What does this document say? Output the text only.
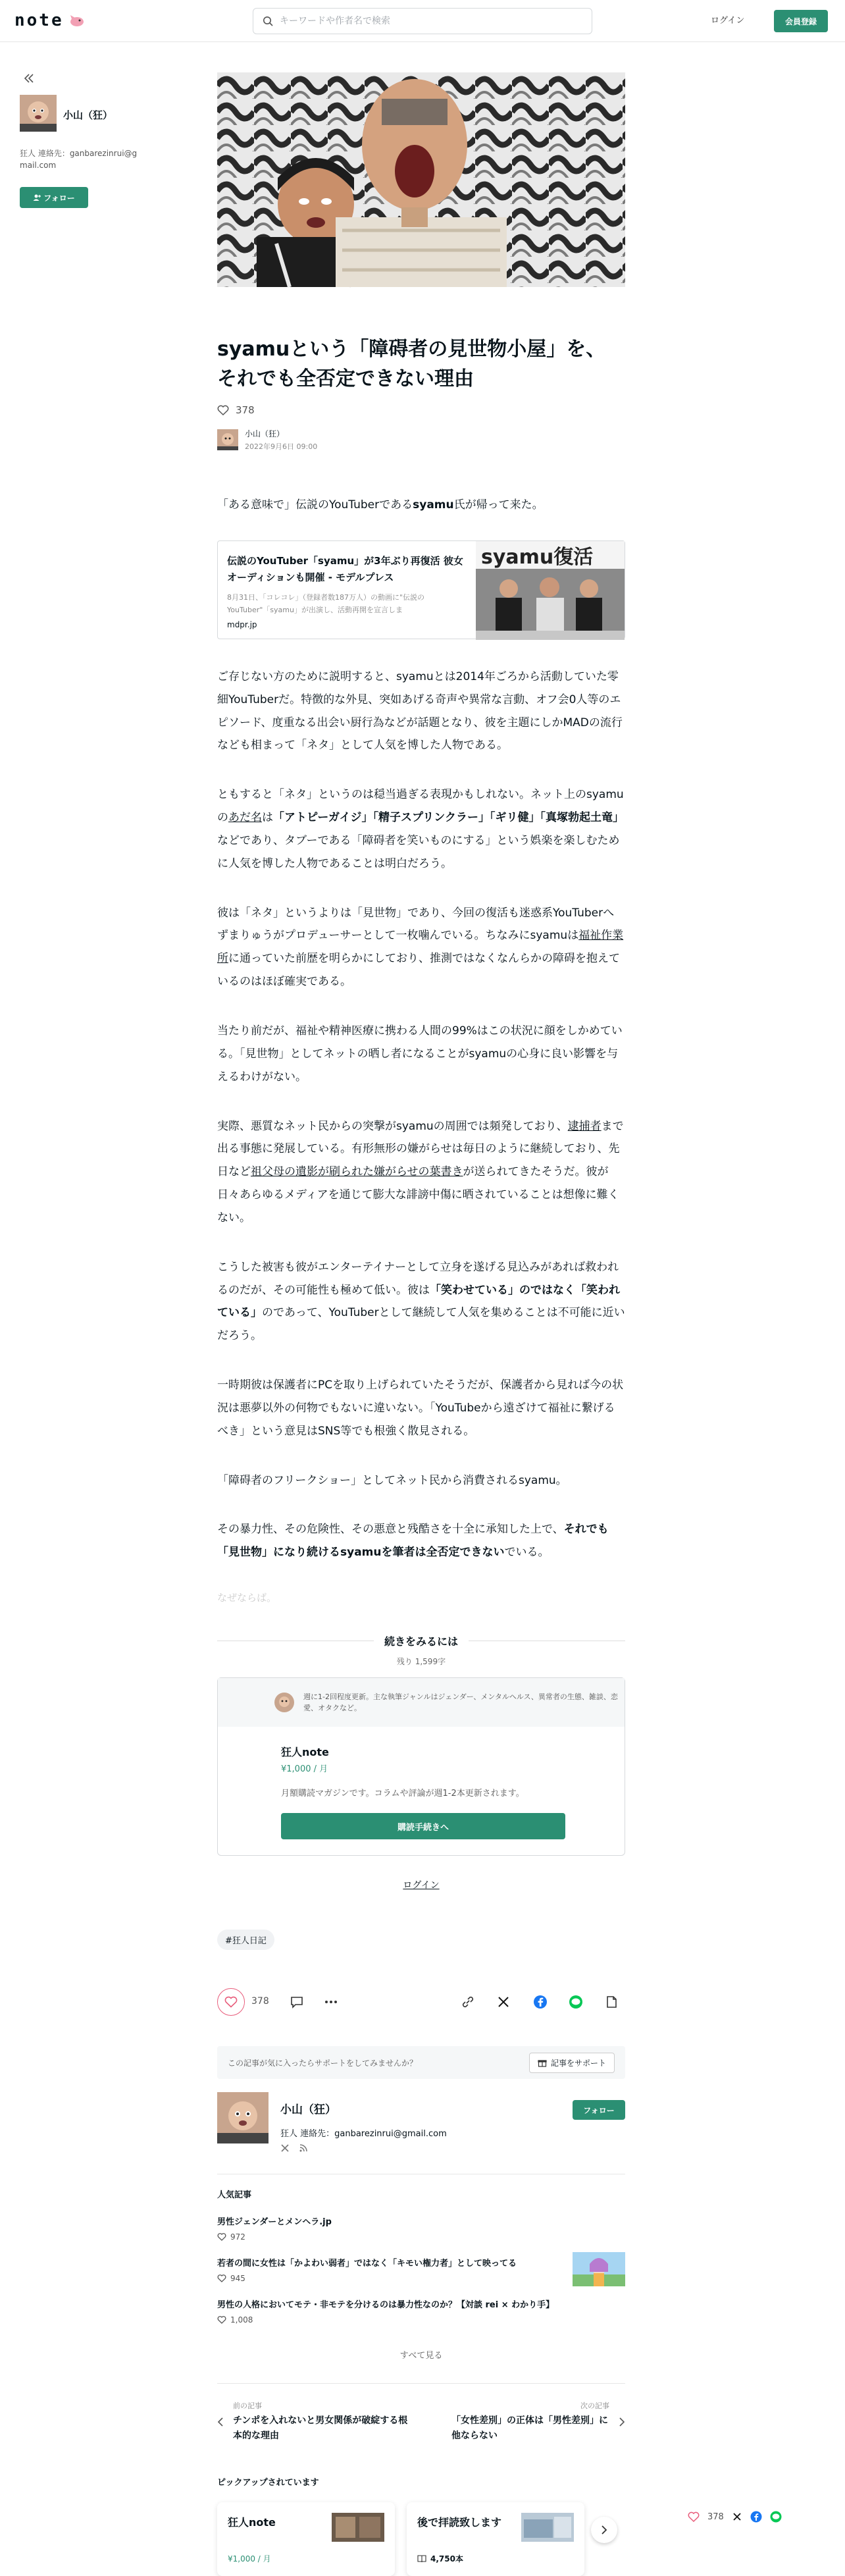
note
キーワードや作者名で検索	ログイン	会員登録
小山（狂）
狂人 連絡先：ganbarezinrui@gmail.com
フォロー
syamuという「障碍者の見世物小屋」を、それでも全否定できない理由
378
小山（狂）
2022年9月6日 09:00

「ある意味で」伝説のYouTuberであるsyamu氏が帰って来た。

伝説のYouTuber「syamu」が3年ぶり再復活 彼女オーディションも開催 - モデルプレス
8月31日、「コレコレ」（登録者数187万人）の動画に"伝説のYouTuber"「syamu」が出演し、活動再開を宣言しま
mdpr.jp
syamu復活

ご存じない方のために説明すると、syamuとは2014年ごろから活動していた零細YouTuberだ。特徴的な外見、突如あげる奇声や異常な言動、オフ会0人等のエピソード、度重なる出会い厨行為などが話題となり、彼を主題にしかMADの流行なども相まって「ネタ」として人気を博した人物である。

ともすると「ネタ」というのは穏当過ぎる表現かもしれない。ネット上のsyamuのあだ名は「アトピーガイジ」「精子スプリンクラー」「ギリ健」「真塚勃起土竜」などであり、タブーである「障碍者を笑いものにする」という娯楽を楽しむために人気を博した人物であることは明白だろう。

彼は「ネタ」というよりは「見世物」であり、今回の復活も迷惑系YouTuberへずまりゅうがプロデューサーとして一枚噛んでいる。ちなみにsyamuは福祉作業所に通っていた前歴を明らかにしており、推測ではなくなんらかの障碍を抱えているのはほぼ確実である。

当たり前だが、福祉や精神医療に携わる人間の99%はこの状況に顔をしかめている。「見世物」としてネットの晒し者になることがsyamuの心身に良い影響を与えるわけがない。

実際、悪質なネット民からの突撃がsyamuの周囲では頻発しており、逮捕者まで出る事態に発展している。有形無形の嫌がらせは毎日のように継続しており、先日など祖父母の遺影が刷られた嫌がらせの葉書きが送られてきたそうだ。彼が日々あらゆるメディアを通じて膨大な誹謗中傷に晒されていることは想像に難くない。

こうした被害も彼がエンターテイナーとして立身を遂げる見込みがあれば救われるのだが、その可能性も極めて低い。彼は「笑わせている」のではなく「笑われている」のであって、YouTuberとして継続して人気を集めることは不可能に近いだろう。

一時期彼は保護者にPCを取り上げられていたそうだが、保護者から見れば今の状況は悪夢以外の何物でもないに違いない。「YouTubeから遠ざけて福祉に繋げるべき」という意見はSNS等でも根強く散見される。

「障碍者のフリークショー」としてネット民から消費されるsyamu。

その暴力性、その危険性、その悪意と残酷さを十全に承知した上で、それでも「見世物」になり続けるsyamuを筆者は全否定できないでいる。

なぜならば。

続きをみるには
残り 1,599字
週に1-2回程度更新。主な執筆ジャンルはジェンダー、メンタルヘルス、異常者の生態、雑談、恋愛、オタクなど。
狂人note
¥1,000 / 月
月額購読マガジンです。コラムや評論が週1-2本更新されます。
購読手続きへ
ログイン
#狂人日記
378
この記事が気に入ったらサポートをしてみませんか？	記事をサポート
小山（狂）
狂人 連絡先：ganbarezinrui@gmail.com
フォロー
人気記事
男性ジェンダーとメンヘラ.jp
972
若者の間に女性は「かよわい弱者」ではなく「キモい権力者」として映ってる
945
男性の人格においてモテ・非モテを分けるのは暴力性なのか？【対談 rei × わかり手】
1,008
すべて見る
前の記事
チンポを入れないと男女関係が破綻する根本的な理由
次の記事
「女性差別」の正体は「男性差別」に他ならない
ピックアップされています
狂人note
¥1,000 / 月
後で拝読致します
4,750本
378
